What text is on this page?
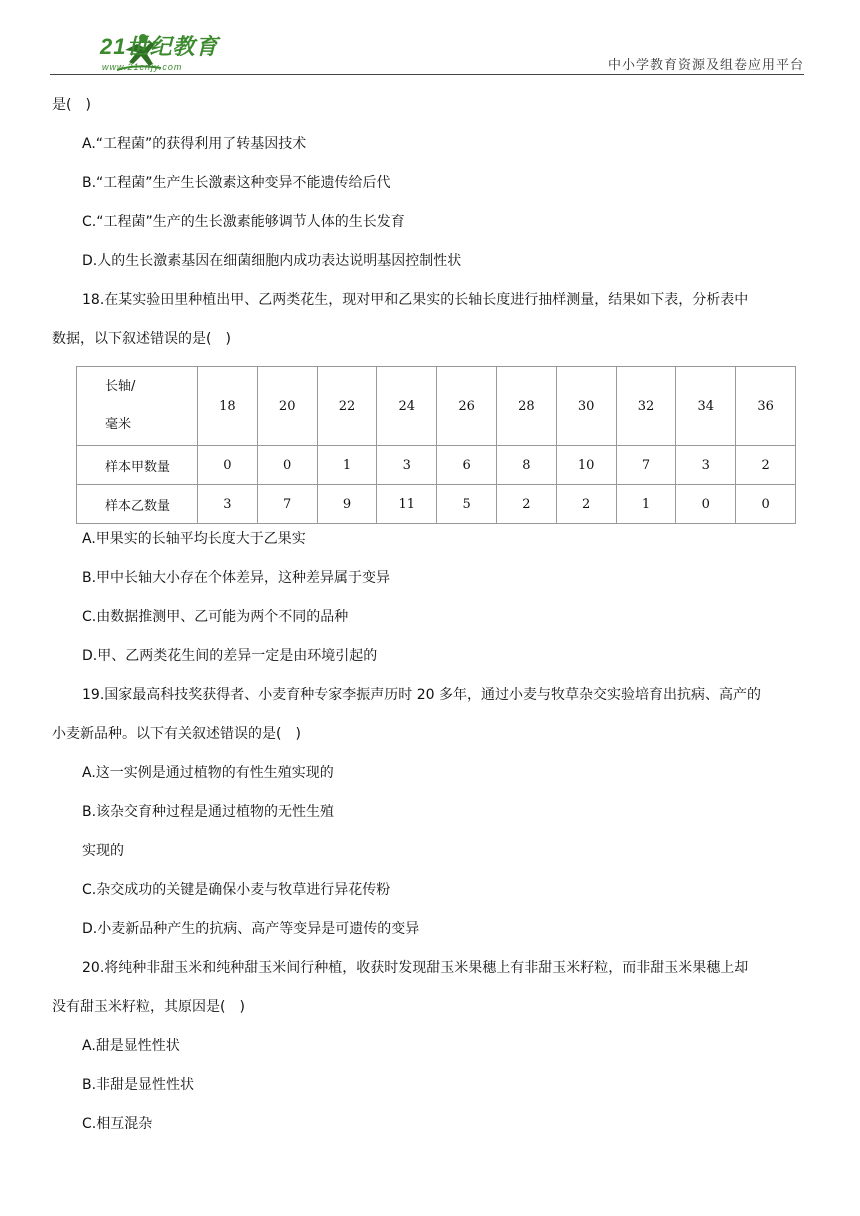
21世纪教育
www.21cnjy.com	中小学教育资源及组卷应用平台
是(　)
A.“工程菌”的获得利用了转基因技术
B.“工程菌”生产生长激素这种变异不能遗传给后代
C.“工程菌”生产的生长激素能够调节人体的生长发育
D.人的生长激素基因在细菌细胞内成功表达说明基因控制性状
18.在某实验田里种植出甲、乙两类花生，现对甲和乙果实的长轴长度进行抽样测量，结果如下表，分析表中
数据，以下叙述错误的是(　)
长轴/
毫米	18	20	22	24	26	28	30	32	34	36
样本甲数量	0	0	1	3	6	8	10	7	3	2
样本乙数量	3	7	9	11	5	2	2	1	0	0
A.甲果实的长轴平均长度大于乙果实
B.甲中长轴大小存在个体差异，这种差异属于变异
C.由数据推测甲、乙可能为两个不同的品种
D.甲、乙两类花生间的差异一定是由环境引起的
19.国家最高科技奖获得者、小麦育种专家李振声历时 20 多年，通过小麦与牧草杂交实验培育出抗病、高产的
小麦新品种。以下有关叙述错误的是(　)
A.这一实例是通过植物的有性生殖实现的
B.该杂交育种过程是通过植物的无性生殖
实现的
C.杂交成功的关键是确保小麦与牧草进行异花传粉
D.小麦新品种产生的抗病、高产等变异是可遗传的变异
20.将纯种非甜玉米和纯种甜玉米间行种植，收获时发现甜玉米果穗上有非甜玉米籽粒，而非甜玉米果穗上却
没有甜玉米籽粒，其原因是(　)
A.甜是显性性状
B.非甜是显性性状
C.相互混杂
